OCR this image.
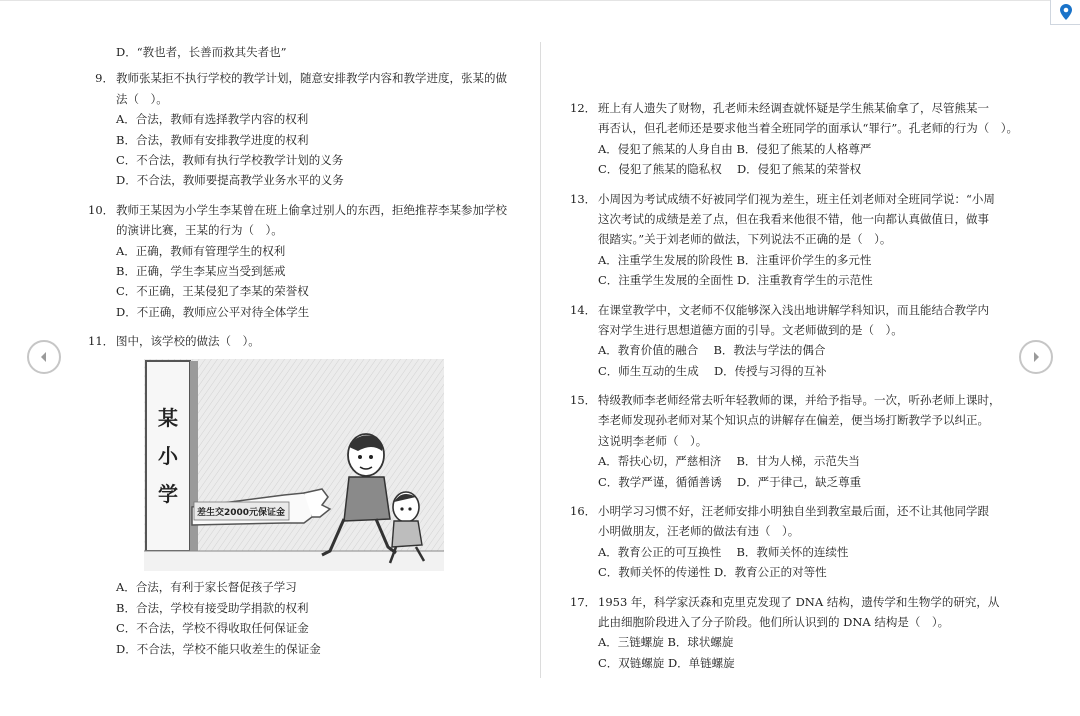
D．“教也者，长善而救其失者也”
9． 教师张某拒不执行学校的教学计划，随意安排教学内容和教学进度，张某的做
法（　）。
A．合法，教师有选择教学内容的权利
B．合法，教师有安排教学进度的权利
C．不合法，教师有执行学校教学计划的义务
D．不合法，教师要提高教学业务水平的义务
10． 教师王某因为小学生李某曾在班上偷拿过别人的东西，拒绝推荐李某参加学校
的演讲比赛，王某的行为（　）。
A．正确，教师有管理学生的权利
B．正确，学生李某应当受到惩戒
C．不正确，王某侵犯了李某的荣誉权
D．不正确，教师应公平对待全体学生
11． 图中，该学校的做法（　）。
某
小
学
差生交2000元保证金
A．合法，有利于家长督促孩子学习
B．合法，学校有接受助学捐款的权利
C．不合法，学校不得收取任何保证金
D．不合法，学校不能只收差生的保证金
12． 班上有人遗失了财物，孔老师未经调查就怀疑是学生熊某偷拿了，尽管熊某一
再否认，但孔老师还是要求他当着全班同学的面承认“罪行”。孔老师的行为（　）。
A．侵犯了熊某的人身自由 B．侵犯了熊某的人格尊严
C．侵犯了熊某的隐私权　 D．侵犯了熊某的荣誉权
13． 小周因为考试成绩不好被同学们视为差生，班主任刘老师对全班同学说：“小周
这次考试的成绩是差了点，但在我看来他很不错，他一向都认真做值日，做事
很踏实。”关于刘老师的做法，下列说法不正确的是（　）。
A．注重学生发展的阶段性 B．注重评价学生的多元性
C．注重学生发展的全面性 D．注重教育学生的示范性
14． 在课堂教学中，文老师不仅能够深入浅出地讲解学科知识，而且能结合教学内
容对学生进行思想道德方面的引导。文老师做到的是（　）。
A．教育价值的融合　 B．教法与学法的偶合
C．师生互动的生成　 D．传授与习得的互补
15． 特级教师李老师经常去听年轻教师的课，并给予指导。一次，听孙老师上课时，
李老师发现孙老师对某个知识点的讲解存在偏差，便当场打断教学予以纠正。
这说明李老师（　）。
A．帮扶心切，严慈相济　 B．甘为人梯，示范失当
C．教学严谨，循循善诱　 D．严于律己，缺乏尊重
16． 小明学习习惯不好，汪老师安排小明独自坐到教室最后面，还不让其他同学跟
小明做朋友，汪老师的做法有违（　）。
A．教育公正的可互换性　 B．教师关怀的连续性
C．教师关怀的传递性 D．教育公正的对等性
17． 1953 年，科学家沃森和克里克发现了 DNA 结构，遗传学和生物学的研究，从
此由细胞阶段进入了分子阶段。他们所认识到的 DNA 结构是（　）。
A．三链螺旋 B．球状螺旋
C．双链螺旋 D．单链螺旋
